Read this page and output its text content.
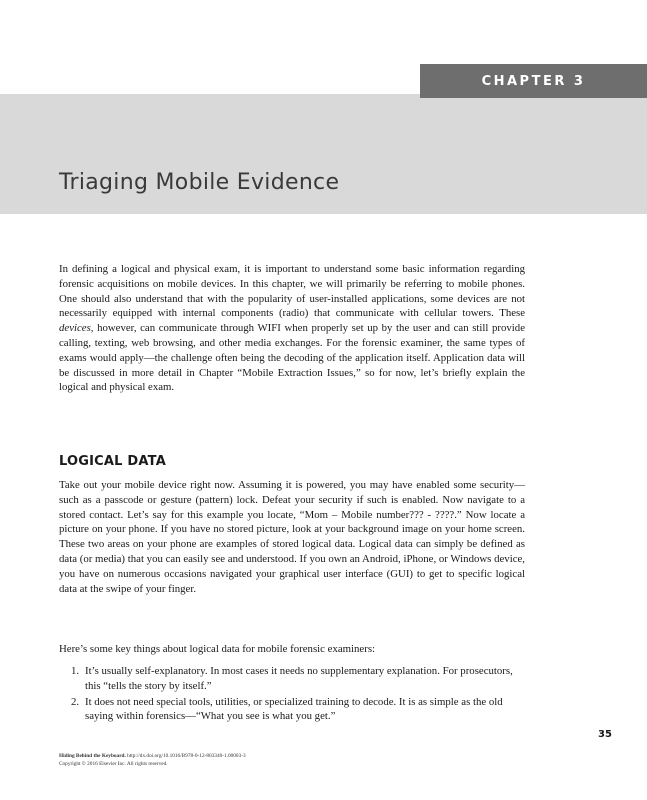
CHAPTER 3
Triaging Mobile Evidence

In defining a logical and physical exam, it is important to understand some basic information regarding forensic acquisitions on mobile devices. In this chapter, we will primarily be referring to mobile phones. One should also understand that with the popularity of user-installed applications, some devices are not necessarily equipped with internal components (radio) that communicate with cellular towers. These devices, however, can communicate through WIFI when properly set up by the user and can still provide calling, texting, web browsing, and other media exchanges. For the forensic examiner, the same types of exams would apply—the challenge often being the decoding of the application itself. Application data will be discussed in more detail in Chapter “Mobile Extraction Issues,” so for now, let’s briefly explain the logical and physical exam.

LOGICAL DATA

Take out your mobile device right now. Assuming it is powered, you may have enabled some security—such as a passcode or gesture (pattern) lock. Defeat your security if such is enabled. Now navigate to a stored contact. Let’s say for this example you locate, “Mom – Mobile number??? - ????.” Now locate a picture on your phone. If you have no stored picture, look at your background image on your home screen. These two areas on your phone are examples of stored logical data. Logical data can simply be defined as data (or media) that you can easily see and understood. If you own an Android, iPhone, or Windows device, you have on numerous occasions navigated your graphical user interface (GUI) to get to specific logical data at the swipe of your finger.

Here’s some key things about logical data for mobile forensic examiners:

1. It’s usually self-explanatory. In most cases it needs no supplementary explanation. For prosecutors, this “tells the story by itself.”
2. It does not need special tools, utilities, or specialized training to decode. It is as simple as the old saying within forensics—“What you see is what you get.”
35
Hiding Behind the Keyboard. http://dx.doi.org/10.1016/B978-0-12-803340-1.00003-3
Copyright © 2016 Elsevier Inc. All rights reserved.
